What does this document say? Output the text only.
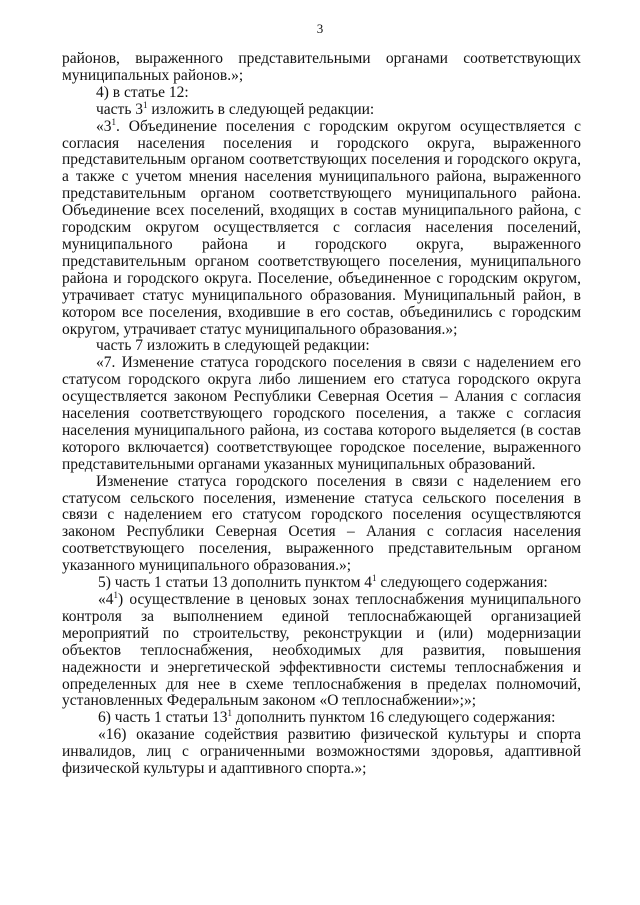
3

районов, выраженного представительными органами соответствующих муниципальных районов.»;

4) в статье 12:

часть $3^1$ изложить в следующей редакции:

«$3^1$. Объединение поселения с городским округом осуществляется с согласия населения поселения и городского округа, выраженного представительным органом соответствующих поселения и городского округа, а также с учетом мнения населения муниципального района, выраженного представительным органом соответствующего муниципального района. Объединение всех поселений, входящих в состав муниципального района, с городским округом осуществляется с согласия населения поселений, муниципального района и городского округа, выраженного представительным органом соответствующего поселения, муниципального района и городского округа. Поселение, объединенное с городским округом, утрачивает статус муниципального образования. Муниципальный район, в котором все поселения, входившие в его состав, объединились с городским округом, утрачивает статус муниципального образования.»;

часть 7 изложить в следующей редакции:

«7. Изменение статуса городского поселения в связи с наделением его статусом городского округа либо лишением его статуса городского округа осуществляется законом Республики Северная Осетия – Алания с согласия населения соответствующего городского поселения, а также с согласия населения муниципального района, из состава которого выделяется (в состав которого включается) соответствующее городское поселение, выраженного представительными органами указанных муниципальных образований.

Изменение статуса городского поселения в связи с наделением его статусом сельского поселения, изменение статуса сельского поселения в связи с наделением его статусом городского поселения осуществляются законом Республики Северная Осетия – Алания с согласия населения соответствующего поселения, выраженного представительным органом указанного муниципального образования.»;

5) часть 1 статьи 13 дополнить пунктом $4^1$ следующего содержания:

«$4^1$) осуществление в ценовых зонах теплоснабжения муниципального контроля за выполнением единой теплоснабжающей организацией мероприятий по строительству, реконструкции и (или) модернизации объектов теплоснабжения, необходимых для развития, повышения надежности и энергетической эффективности системы теплоснабжения и определенных для нее в схеме теплоснабжения в пределах полномочий, установленных Федеральным законом «О теплоснабжении»;»;

6) часть 1 статьи $13^1$ дополнить пунктом 16 следующего содержания:

«16) оказание содействия развитию физической культуры и спорта инвалидов, лиц с ограниченными возможностями здоровья, адаптивной физической культуры и адаптивного спорта.»;
